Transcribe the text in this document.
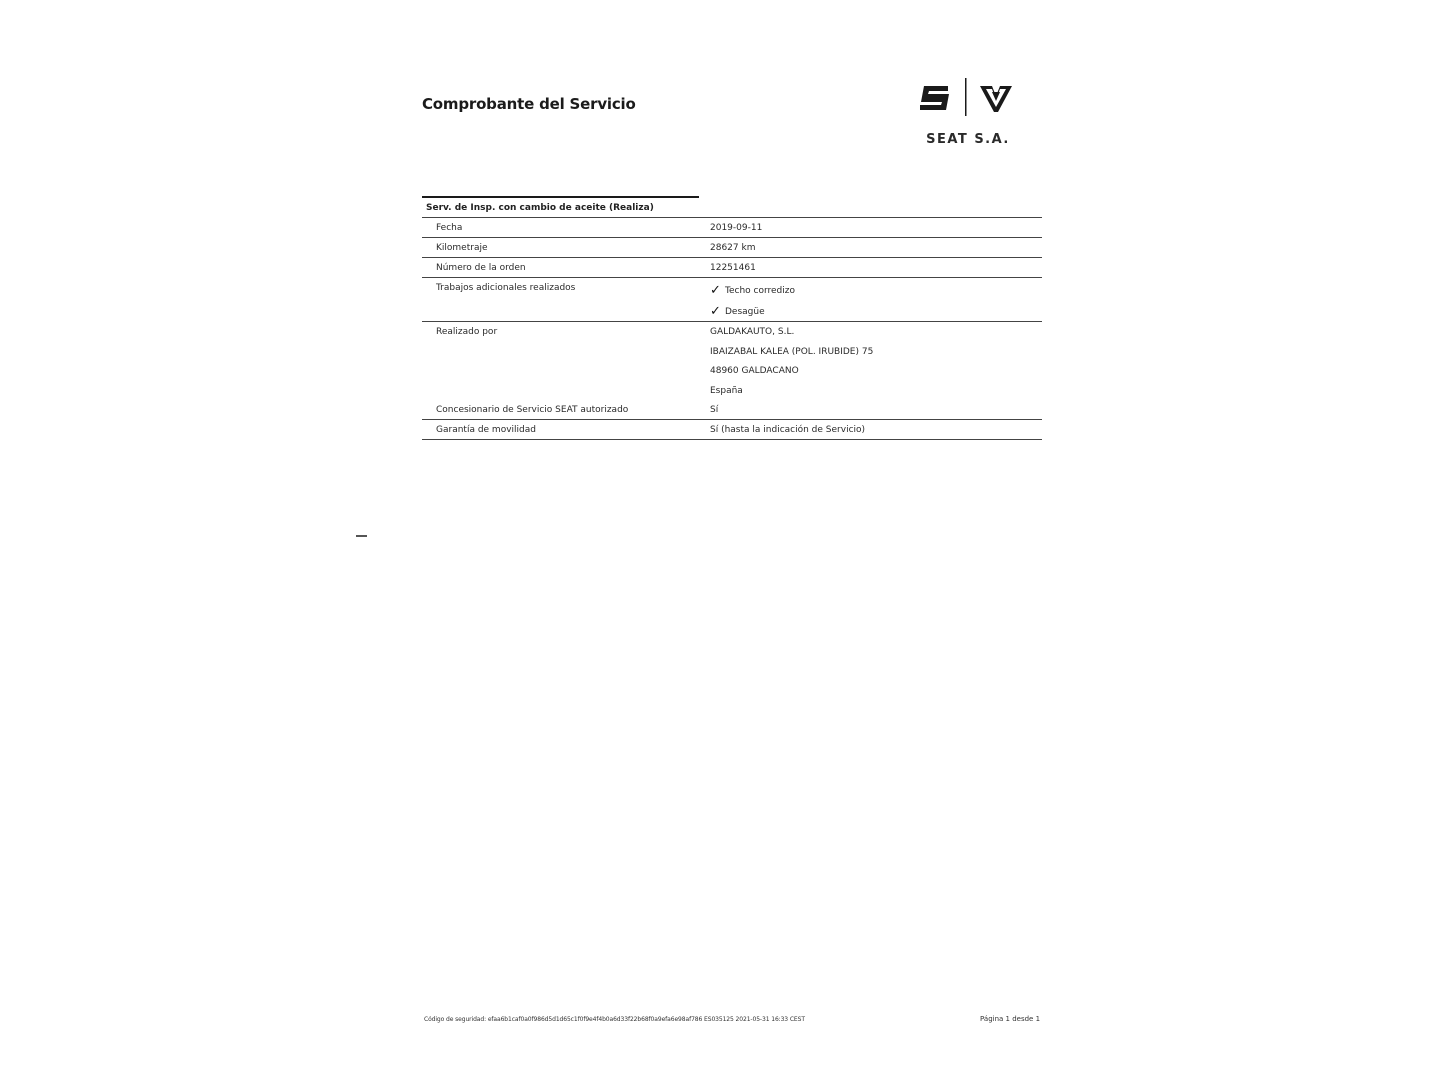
Comprobante del Servicio
SEAT S.A.
Serv. de Insp. con cambio de aceite (Realiza)
Fecha	2019-09-11
Kilometraje	28627 km
Número de la orden	12251461
Trabajos adicionales realizados	✓ Techo corredizo
✓ Desagüe
Realizado por	GALDAKAUTO, S.L.
IBAIZABAL KALEA (POL. IRUBIDE) 75
48960 GALDACANO
España
Concesionario de Servicio SEAT autorizado	Sí
Garantía de movilidad	Sí (hasta la indicación de Servicio)
Código de seguridad: efaa6b1caf0a0f986d5d1d65c1f0f9e4f4b0a6d33f22b68f0a9efa6e98af786 ES035125 2021-05-31 16:33 CEST	Página 1 desde 1
